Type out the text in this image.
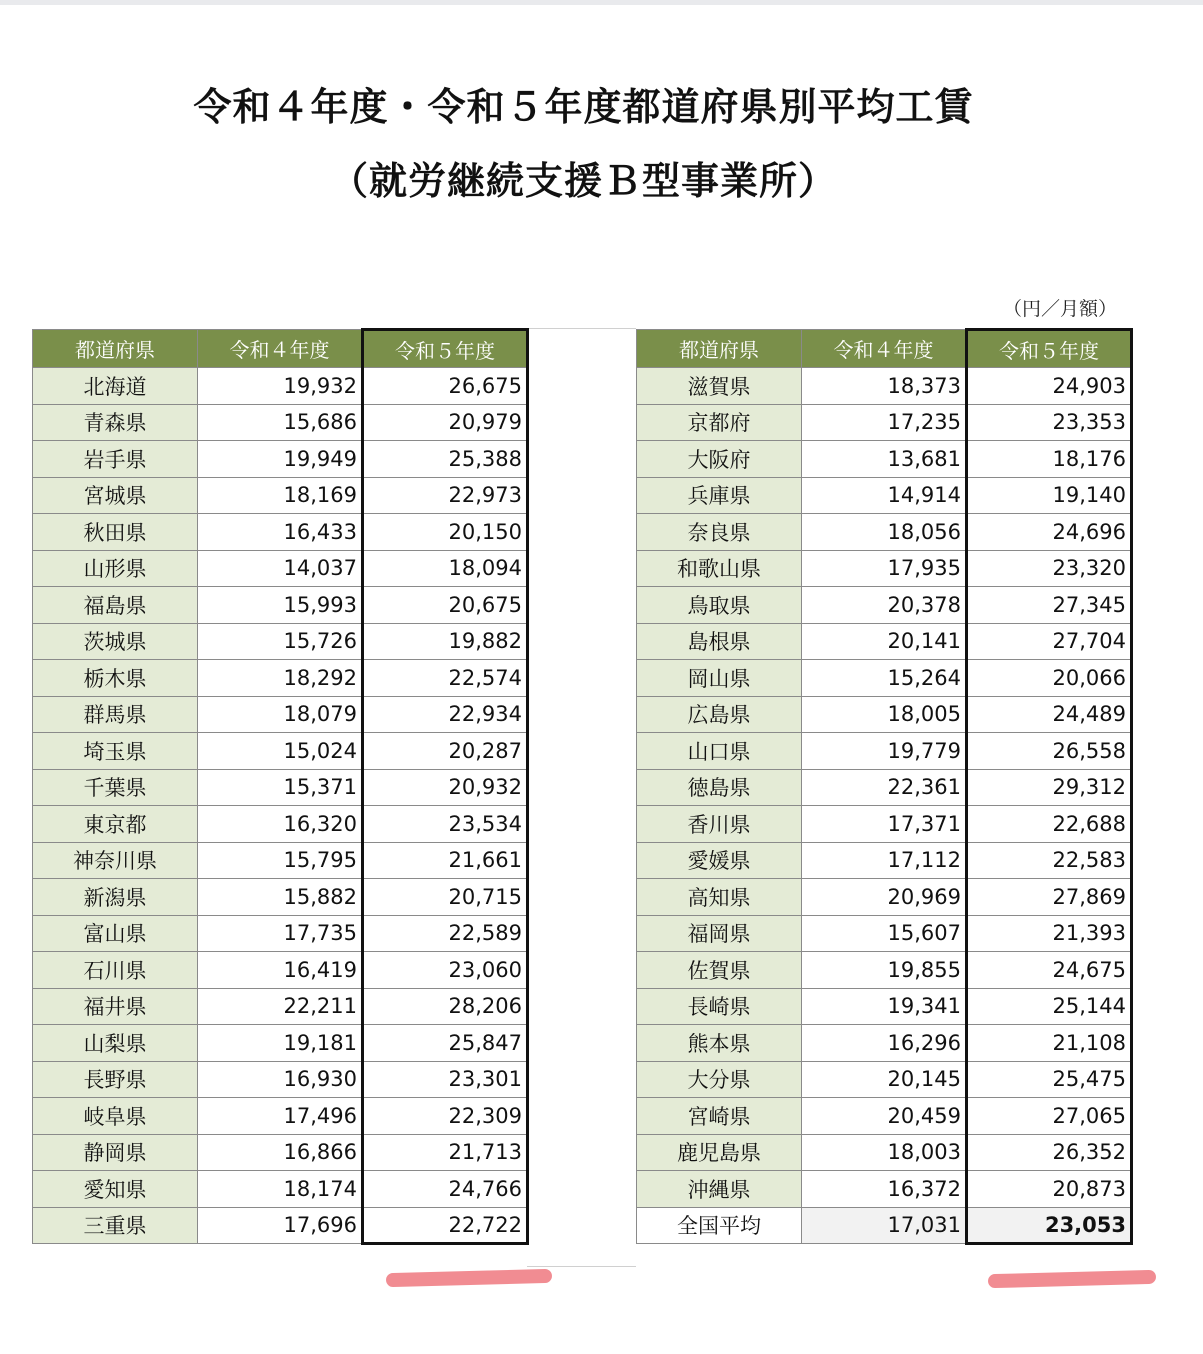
令和４年度・令和５年度都道府県別平均工賃
（就労継続支援Ｂ型事業所）
（円／月額）
都道府県	令和４年度	令和５年度
北海道	19,932	26,675
青森県	15,686	20,979
岩手県	19,949	25,388
宮城県	18,169	22,973
秋田県	16,433	20,150
山形県	14,037	18,094
福島県	15,993	20,675
茨城県	15,726	19,882
栃木県	18,292	22,574
群馬県	18,079	22,934
埼玉県	15,024	20,287
千葉県	15,371	20,932
東京都	16,320	23,534
神奈川県	15,795	21,661
新潟県	15,882	20,715
富山県	17,735	22,589
石川県	16,419	23,060
福井県	22,211	28,206
山梨県	19,181	25,847
長野県	16,930	23,301
岐阜県	17,496	22,309
静岡県	16,866	21,713
愛知県	18,174	24,766
三重県	17,696	22,722
都道府県	令和４年度	令和５年度
滋賀県	18,373	24,903
京都府	17,235	23,353
大阪府	13,681	18,176
兵庫県	14,914	19,140
奈良県	18,056	24,696
和歌山県	17,935	23,320
鳥取県	20,378	27,345
島根県	20,141	27,704
岡山県	15,264	20,066
広島県	18,005	24,489
山口県	19,779	26,558
徳島県	22,361	29,312
香川県	17,371	22,688
愛媛県	17,112	22,583
高知県	20,969	27,869
福岡県	15,607	21,393
佐賀県	19,855	24,675
長崎県	19,341	25,144
熊本県	16,296	21,108
大分県	20,145	25,475
宮崎県	20,459	27,065
鹿児島県	18,003	26,352
沖縄県	16,372	20,873
全国平均	17,031	23,053
